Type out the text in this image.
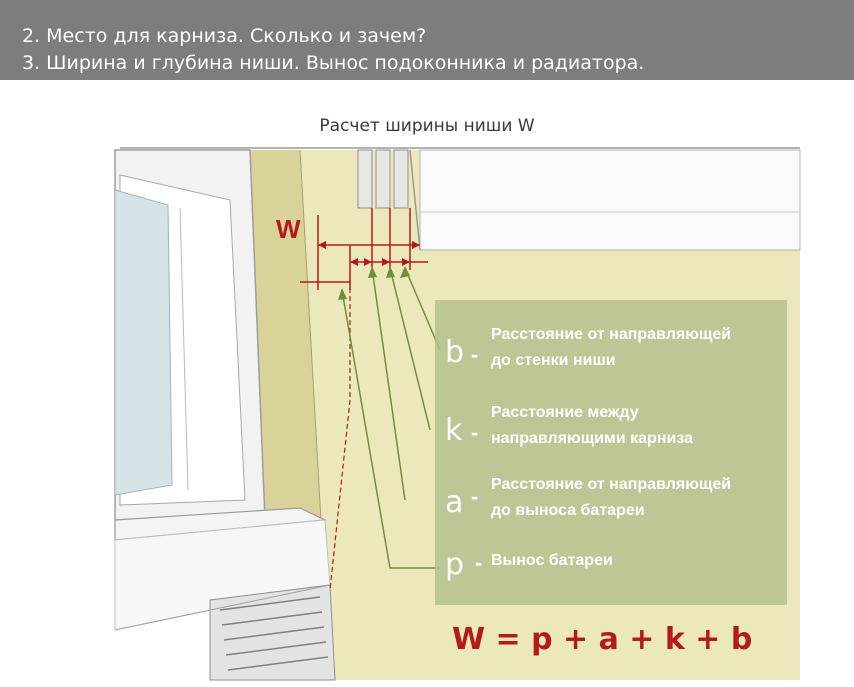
2. Место для карниза. Сколько и зачем?
3. Ширина и глубина ниши. Вынос подоконника и радиатора.
Расчет ширины ниши W
W
b -
Расстояние от направляющей
до стенки ниши
k -
Расстояние между
направляющими карниза
a - Расстояние от направляющей
до выноса батареи
p - Вынос батареи
W = p + a + k + b
